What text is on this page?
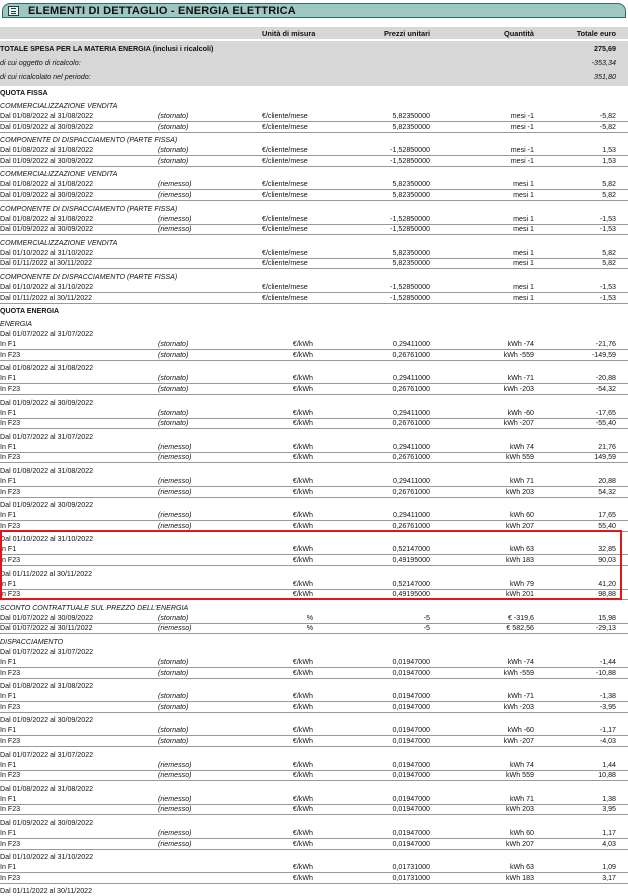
ELEMENTI DI DETTAGLIO - ENERGIA ELETTRICA
Unità di misura	Prezzi unitari	Quantità	Totale euro
TOTALE SPESA PER LA MATERIA ENERGIA (inclusi i ricalcoli)	275,69
di cui oggetto di ricalcolo:	-353,34
di cui ricalcolato nel periodo:	351,80
QUOTA FISSA
COMMERCIALIZZAZIONE VENDITA
Dal 01/08/2022 al 31/08/2022	(stornato)	€/cliente/mese	5,82350000	mesi -1	-5,82
Dal 01/09/2022 al 30/09/2022	(stornato)	€/cliente/mese	5,82350000	mesi -1	-5,82
COMPONENTE DI DISPACCIAMENTO (PARTE FISSA)
Dal 01/08/2022 al 31/08/2022	(stornato)	€/cliente/mese	-1,52850000	mesi -1	1,53
Dal 01/09/2022 al 30/09/2022	(stornato)	€/cliente/mese	-1,52850000	mesi -1	1,53
COMMERCIALIZZAZIONE VENDITA
Dal 01/08/2022 al 31/08/2022	(riemesso)	€/cliente/mese	5,82350000	mesi 1	5,82
Dal 01/09/2022 al 30/09/2022	(riemesso)	€/cliente/mese	5,82350000	mesi 1	5,82
COMPONENTE DI DISPACCIAMENTO (PARTE FISSA)
Dal 01/08/2022 al 31/08/2022	(riemesso)	€/cliente/mese	-1,52850000	mesi 1	-1,53
Dal 01/09/2022 al 30/09/2022	(riemesso)	€/cliente/mese	-1,52850000	mesi 1	-1,53
COMMERCIALIZZAZIONE VENDITA
Dal 01/10/2022 al 31/10/2022	€/cliente/mese	5,82350000	mesi 1	5,82
Dal 01/11/2022 al 30/11/2022	€/cliente/mese	5,82350000	mesi 1	5,82
COMPONENTE DI DISPACCIAMENTO (PARTE FISSA)
Dal 01/10/2022 al 31/10/2022	€/cliente/mese	-1,52850000	mesi 1	-1,53
Dal 01/11/2022 al 30/11/2022	€/cliente/mese	-1,52850000	mesi 1	-1,53
QUOTA ENERGIA
ENERGIA
Dal 01/07/2022 al 31/07/2022
In F1	(stornato)	€/kWh	0,29411000	kWh -74	-21,76
In F23	(stornato)	€/kWh	0,26761000	kWh -559	-149,59
Dal 01/08/2022 al 31/08/2022
In F1	(stornato)	€/kWh	0,29411000	kWh -71	-20,88
In F23	(stornato)	€/kWh	0,26761000	kWh -203	-54,32
Dal 01/09/2022 al 30/09/2022
In F1	(stornato)	€/kWh	0,29411000	kWh -60	-17,65
In F23	(stornato)	€/kWh	0,26761000	kWh -207	-55,40
Dal 01/07/2022 al 31/07/2022
In F1	(riemesso)	€/kWh	0,29411000	kWh 74	21,76
In F23	(riemesso)	€/kWh	0,26761000	kWh 559	149,59
Dal 01/08/2022 al 31/08/2022
In F1	(riemesso)	€/kWh	0,29411000	kWh 71	20,88
In F23	(riemesso)	€/kWh	0,26761000	kWh 203	54,32
Dal 01/09/2022 al 30/09/2022
In F1	(riemesso)	€/kWh	0,29411000	kWh 60	17,65
In F23	(riemesso)	€/kWh	0,26761000	kWh 207	55,40
Dal 01/10/2022 al 31/10/2022
In F1	€/kWh	0,52147000	kWh 63	32,85
In F23	€/kWh	0,49195000	kWh 183	90,03
Dal 01/11/2022 al 30/11/2022
In F1	€/kWh	0,52147000	kWh 79	41,20
In F23	€/kWh	0,49195000	kWh 201	98,88
SCONTO CONTRATTUALE SUL PREZZO DELL'ENERGIA
Dal 01/07/2022 al 30/09/2022	(stornato)	%	-5	€ -319,6	15,98
Dal 01/07/2022 al 30/11/2022	(riemesso)	%	-5	€ 582,56	-29,13
DISPACCIAMENTO
Dal 01/07/2022 al 31/07/2022
In F1	(stornato)	€/kWh	0,01947000	kWh -74	-1,44
In F23	(stornato)	€/kWh	0,01947000	kWh -559	-10,88
Dal 01/08/2022 al 31/08/2022
In F1	(stornato)	€/kWh	0,01947000	kWh -71	-1,38
In F23	(stornato)	€/kWh	0,01947000	kWh -203	-3,95
Dal 01/09/2022 al 30/09/2022
In F1	(stornato)	€/kWh	0,01947000	kWh -60	-1,17
In F23	(stornato)	€/kWh	0,01947000	kWh -207	-4,03
Dal 01/07/2022 al 31/07/2022
In F1	(riemesso)	€/kWh	0,01947000	kWh 74	1,44
In F23	(riemesso)	€/kWh	0,01947000	kWh 559	10,88
Dal 01/08/2022 al 31/08/2022
In F1	(riemesso)	€/kWh	0,01947000	kWh 71	1,38
In F23	(riemesso)	€/kWh	0,01947000	kWh 203	3,95
Dal 01/09/2022 al 30/09/2022
In F1	(riemesso)	€/kWh	0,01947000	kWh 60	1,17
In F23	(riemesso)	€/kWh	0,01947000	kWh 207	4,03
Dal 01/10/2022 al 31/10/2022
In F1	€/kWh	0,01731000	kWh 63	1,09
In F23	€/kWh	0,01731000	kWh 183	3,17
Dal 01/11/2022 al 30/11/2022
